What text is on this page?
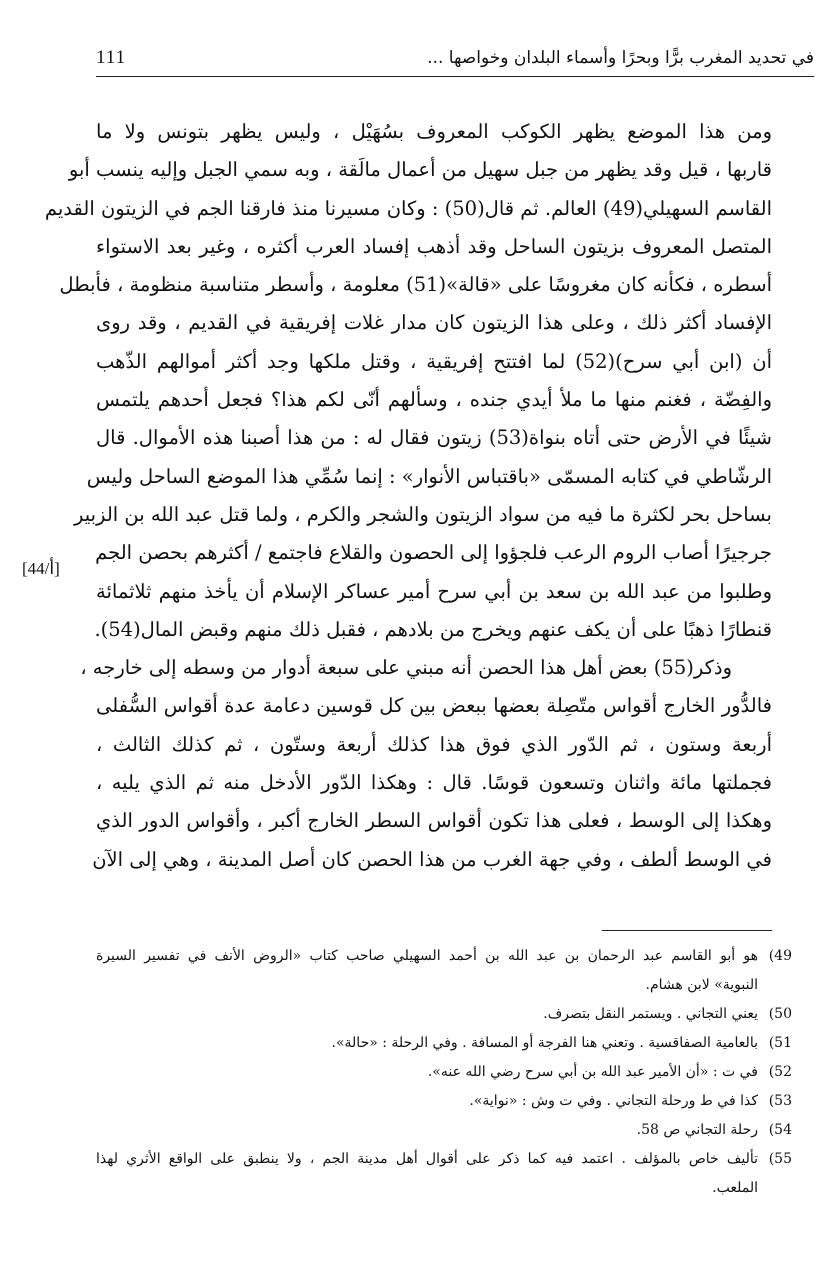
111	في تحديد المغرب برًّا وبحرًا وأسماء البلدان وخواصها ...
ومن هذا الموضع يظهر الكوكب المعروف بسُهَيْل ، وليس يظهر بتونس ولا ما
قاربها ، قيل وقد يظهر من جبل سهيل من أعمال مالَقة ، وبه سمي الجبل وإليه ينسب أبو
القاسم السهيلي(49) العالم. ثم قال(50) : وكان مسيرنا منذ فارقنا الجم في الزيتون القديم
المتصل المعروف بزيتون الساحل وقد أذهب إفساد العرب أكثره ، وغير بعد الاستواء
أسطره ، فكأنه كان مغروسًا على «قالة»(51) معلومة ، وأسطر متناسبة منظومة ، فأبطل
الإفساد أكثر ذلك ، وعلى هذا الزيتون كان مدار غلات إفريقية في القديم ، وقد روى
أن (ابن أبي سرح)(52) لما افتتح إفريقية ، وقتل ملكها وجد أكثر أموالهم الذّهب
والفِضّة ، فغنم منها ما ملأ أيدي جنده ، وسألهم أنّى لكم هذا؟ فجعل أحدهم يلتمس
شيئًا في الأرض حتى أتاه بنواة(53) زيتون فقال له : من هذا أصبنا هذه الأموال. قال
الرشّاطي في كتابه المسمّى «باقتباس الأنوار» : إنما سُمِّي هذا الموضع الساحل وليس
بساحل بحر لكثرة ما فيه من سواد الزيتون والشجر والكرم ، ولما قتل عبد الله بن الزبير
جرجيرًا أصاب الروم الرعب فلجؤوا إلى الحصون والقلاع فاجتمع / أكثرهم بحصن الجم
وطلبوا من عبد الله بن سعد بن أبي سرح أمير عساكر الإسلام أن يأخذ منهم ثلاثمائة
قنطارًا ذهبًا على أن يكف عنهم ويخرج من بلادهم ، فقبل ذلك منهم وقبض المال(54).
وذكر(55) بعض أهل هذا الحصن أنه مبني على سبعة أدوار من وسطه إلى خارجه ،
فالدُّور الخارج أقواس متّصِلة بعضها ببعض بين كل قوسين دعامة عدة أقواس السُّفلى
أربعة وستون ، ثم الدّور الذي فوق هذا كذلك أربعة وستّون ، ثم كذلك الثالث ،
فجملتها مائة واثنان وتسعون قوسًا. قال : وهكذا الدّور الأدخل منه ثم الذي يليه ،
وهكذا إلى الوسط ، فعلى هذا تكون أقواس السطر الخارج أكبر ، وأقواس الدور الذي
في الوسط ألطف ، وفي جهة الغرب من هذا الحصن كان أصل المدينة ، وهي إلى الآن
[44/أ]
49)
هو أبو القاسم عبد الرحمان بن عبد الله بن أحمد السهيلي صاحب كتاب «الروض الأنف في تفسير السيرة
النبوية» لابن هشام.
50)
يعني التجاني . ويستمر النقل بتصرف.
51)
بالعامية الصفاقسية . وتعني هنا الفرجة أو المسافة . وفي الرحلة : «حالة».
52)
في ت : «أن الأمير عبد الله بن أبي سرح رضي الله عنه».
53)
كذا في ط ورحلة التجاني . وفي ت وش : «نواية».
54)
رحلة التجاني ص 58.
55)
تأليف خاص بالمؤلف . اعتمد فيه كما ذكر على أقوال أهل مدينة الجم ، ولا ينطبق على الواقع الأثري لهذا
الملعب.
